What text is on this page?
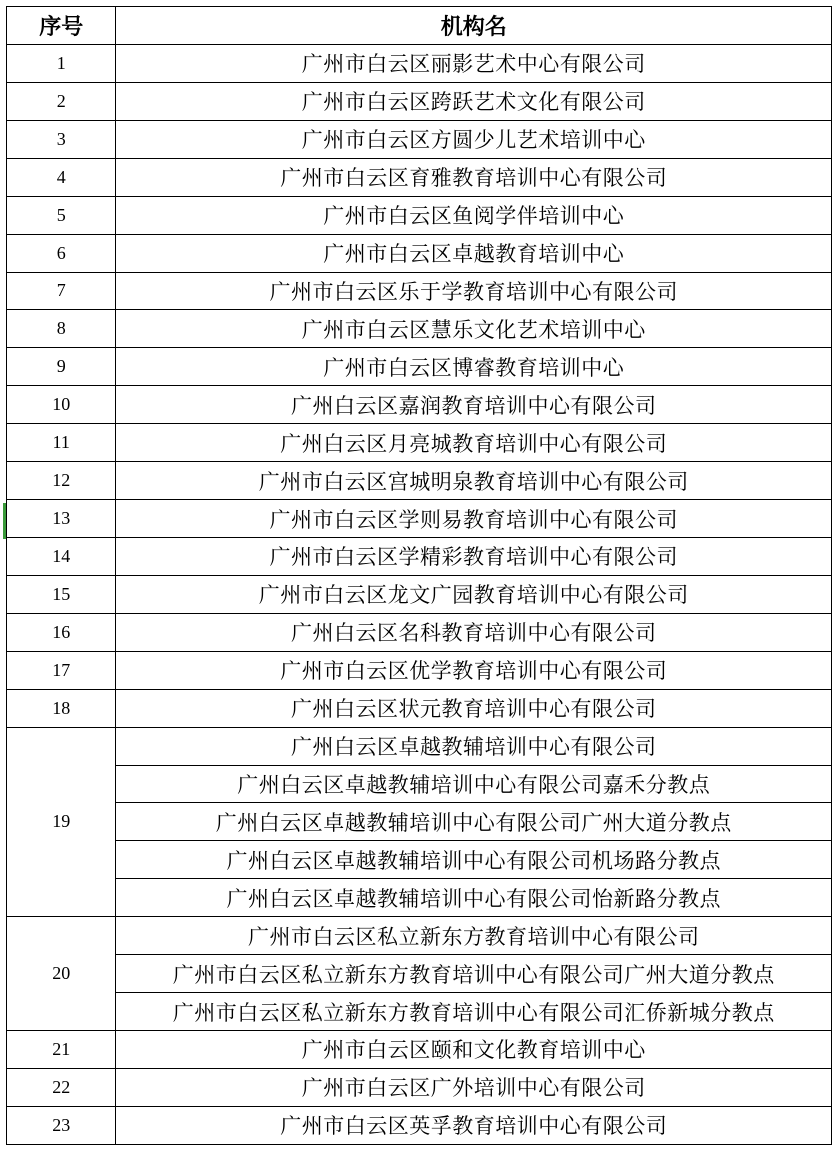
序号	机构名
1	广州市白云区丽影艺术中心有限公司
2	广州市白云区跨跃艺术文化有限公司
3	广州市白云区方圆少儿艺术培训中心
4	广州市白云区育雅教育培训中心有限公司
5	广州市白云区鱼阅学伴培训中心
6	广州市白云区卓越教育培训中心
7	广州市白云区乐于学教育培训中心有限公司
8	广州市白云区慧乐文化艺术培训中心
9	广州市白云区博睿教育培训中心
10	广州白云区嘉润教育培训中心有限公司
11	广州白云区月亮城教育培训中心有限公司
12	广州市白云区宫城明泉教育培训中心有限公司
13	广州市白云区学则易教育培训中心有限公司
14	广州市白云区学精彩教育培训中心有限公司
15	广州市白云区龙文广园教育培训中心有限公司
16	广州白云区名科教育培训中心有限公司
17	广州市白云区优学教育培训中心有限公司
18	广州白云区状元教育培训中心有限公司
19	广州白云区卓越教辅培训中心有限公司
	广州白云区卓越教辅培训中心有限公司嘉禾分教点
	广州白云区卓越教辅培训中心有限公司广州大道分教点
	广州白云区卓越教辅培训中心有限公司机场路分教点
	广州白云区卓越教辅培训中心有限公司怡新路分教点
20	广州市白云区私立新东方教育培训中心有限公司
	广州市白云区私立新东方教育培训中心有限公司广州大道分教点
	广州市白云区私立新东方教育培训中心有限公司汇侨新城分教点
21	广州市白云区颐和文化教育培训中心
22	广州市白云区广外培训中心有限公司
23	广州市白云区英孚教育培训中心有限公司
